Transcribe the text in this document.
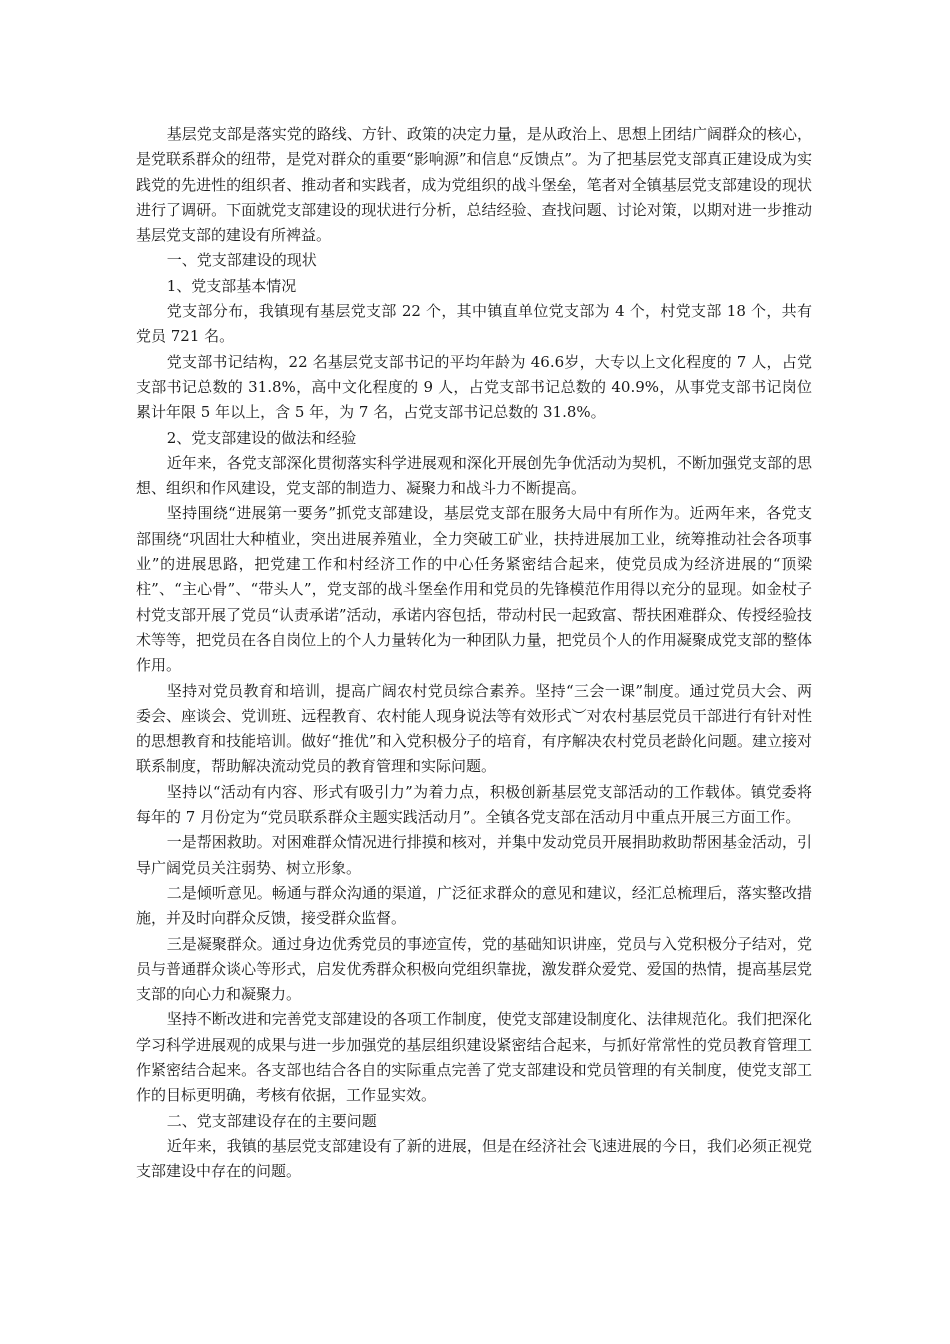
基层党支部是落实党的路线、方针、政策的决定力量，是从政治上、思想上团结广阔群众的核心，是党联系群众的纽带，是党对群众的重要“影响源”和信息“反馈点”。为了把基层党支部真正建设成为实践党的先进性的组织者、推动者和实践者，成为党组织的战斗堡垒，笔者对全镇基层党支部建设的现状进行了调研。下面就党支部建设的现状进行分析，总结经验、查找问题、讨论对策，以期对进一步推动基层党支部的建设有所裨益。

一、党支部建设的现状

1、党支部基本情况

党支部分布，我镇现有基层党支部 22 个，其中镇直单位党支部为 4 个，村党支部 18 个，共有党员 721 名。

党支部书记结构，22 名基层党支部书记的平均年龄为 46.6岁，大专以上文化程度的 7 人，占党支部书记总数的 31.8%，高中文化程度的 9 人，占党支部书记总数的 40.9%，从事党支部书记岗位累计年限 5 年以上，含 5 年，为 7 名，占党支部书记总数的 31.8%。

2、党支部建设的做法和经验

近年来，各党支部深化贯彻落实科学进展观和深化开展创先争优活动为契机，不断加强党支部的思想、组织和作风建设，党支部的制造力、凝聚力和战斗力不断提高。

坚持围绕“进展第一要务”抓党支部建设，基层党支部在服务大局中有所作为。近两年来，各党支部围绕“巩固壮大种植业，突出进展养殖业，全力突破工矿业，扶持进展加工业，统筹推动社会各项事业”的进展思路，把党建工作和村经济工作的中心任务紧密结合起来，使党员成为经济进展的“顶梁柱”、“主心骨”、“带头人”，党支部的战斗堡垒作用和党员的先锋模范作用得以充分的显现。如金杖子村党支部开展了党员“认责承诺”活动，承诺内容包括，带动村民一起致富、帮扶困难群众、传授经验技术等等，把党员在各自岗位上的个人力量转化为一种团队力量，把党员个人的作用凝聚成党支部的整体作用。

坚持对党员教育和培训，提高广阔农村党员综合素养。坚持“三会一课”制度。通过党员大会、两委会、座谈会、党训班、远程教育、农村能人现身说法等有效形式︶对农村基层党员干部进行有针对性的思想教育和技能培训。做好“推优”和入党积极分子的培育，有序解决农村党员老龄化问题。建立接对联系制度，帮助解决流动党员的教育管理和实际问题。

坚持以“活动有内容、形式有吸引力”为着力点，积极创新基层党支部活动的工作载体。镇党委将每年的 7 月份定为“党员联系群众主题实践活动月”。全镇各党支部在活动月中重点开展三方面工作。

一是帮困救助。对困难群众情况进行排摸和核对，并集中发动党员开展捐助救助帮困基金活动，引导广阔党员关注弱势、树立形象。

二是倾听意见。畅通与群众沟通的渠道，广泛征求群众的意见和建议，经汇总梳理后，落实整改措施，并及时向群众反馈，接受群众监督。

三是凝聚群众。通过身边优秀党员的事迹宣传，党的基础知识讲座，党员与入党积极分子结对，党员与普通群众谈心等形式，启发优秀群众积极向党组织靠拢，激发群众爱党、爱国的热情，提高基层党支部的向心力和凝聚力。

坚持不断改进和完善党支部建设的各项工作制度，使党支部建设制度化、法律规范化。我们把深化学习科学进展观的成果与进一步加强党的基层组织建设紧密结合起来，与抓好常常性的党员教育管理工作紧密结合起来。各支部也结合各自的实际重点完善了党支部建设和党员管理的有关制度，使党支部工作的目标更明确，考核有依据，工作显实效。

二、党支部建设存在的主要问题

近年来，我镇的基层党支部建设有了新的进展，但是在经济社会飞速进展的今日，我们必须正视党支部建设中存在的问题。
